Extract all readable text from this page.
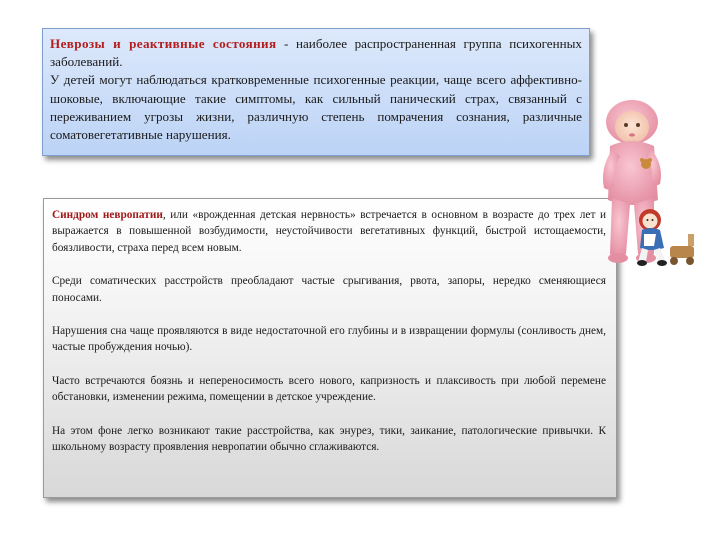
Неврозы и реактивные состояния - наиболее распространенная группа психогенных заболеваний.

У детей могут наблюдаться кратковременные психогенные реакции, чаще всего аффективно-шоковые, включающие такие симптомы, как сильный панический страх, связанный с переживанием угрозы жизни, различную степень помрачения сознания, различные соматовегетативные нарушения.

Синдром невропатии, или «врожденная детская нервность» встречается в основном в возрасте до трех лет и выражается в повышенной возбудимости, неустойчивости вегетативных функций, быстрой истощаемости, боязливости, страха перед всем новым.

Среди соматических расстройств преобладают частые срыгивания, рвота, запоры, нередко сменяющиеся поносами.

Нарушения сна чаще проявляются в виде недостаточной его глубины и в извращении формулы (сонливость днем, частые пробуждения ночью).

Часто встречаются боязнь и непереносимость всего нового, капризность и плаксивость при любой перемене обстановки, изменении режима, помещении в детское учреждение.

На этом фоне легко возникают такие расстройства, как энурез, тики, заикание, патологические привычки. К школьному возрасту проявления невропатии обычно сглаживаются.
